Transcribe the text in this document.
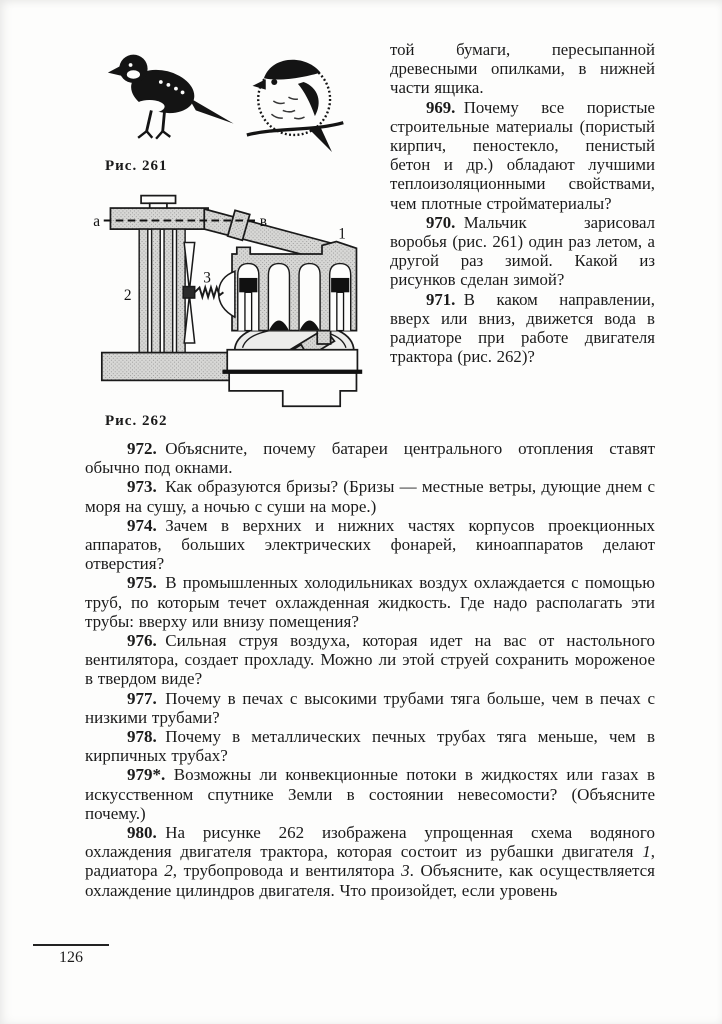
Рис. 261
а	в
1
2
3
Рис. 262

той бумаги, пересыпанной древесными опилками, в нижней части ящика.

969. Почему все пористые строительные материалы (пористый кирпич, пеностекло, пенистый бетон и др.) обладают лучшими теплоизоляционными свойствами, чем плотные стройматериалы?

970. Мальчик зарисовал воробья (рис. 261) один раз летом, а другой раз зимой. Какой из рисунков сделан зимой?

971. В каком направлении, вверх или вниз, движется вода в радиаторе при работе двигателя трактора (рис. 262)?

972. Объясните, почему батареи центрального отопления ставят обычно под окнами.

973. Как образуются бризы? (Бризы — местные ветры, дующие днем с моря на сушу, а ночью с суши на море.)

974. Зачем в верхних и нижних частях корпусов проекционных аппаратов, больших электрических фонарей, киноаппаратов делают отверстия?

975. В промышленных холодильниках воздух охлаждается с помощью труб, по которым течет охлажденная жидкость. Где надо располагать эти трубы: вверху или внизу помещения?

976. Сильная струя воздуха, которая идет на вас от настольного вентилятора, создает прохладу. Можно ли этой струей сохранить мороженое в твердом виде?

977. Почему в печах с высокими трубами тяга больше, чем в печах с низкими трубами?

978. Почему в металлических печных трубах тяга меньше, чем в кирпичных трубах?

979*. Возможны ли конвекционные потоки в жидкостях или газах в искусственном спутнике Земли в состоянии невесомости? (Объясните почему.)

980. На рисунке 262 изображена упрощенная схема водяного охлаждения двигателя трактора, которая состоит из рубашки двигателя 1, радиатора 2, трубопровода и вентилятора 3. Объясните, как осуществляется охлаждение цилиндров двигателя. Что произойдет, если уровень

126
